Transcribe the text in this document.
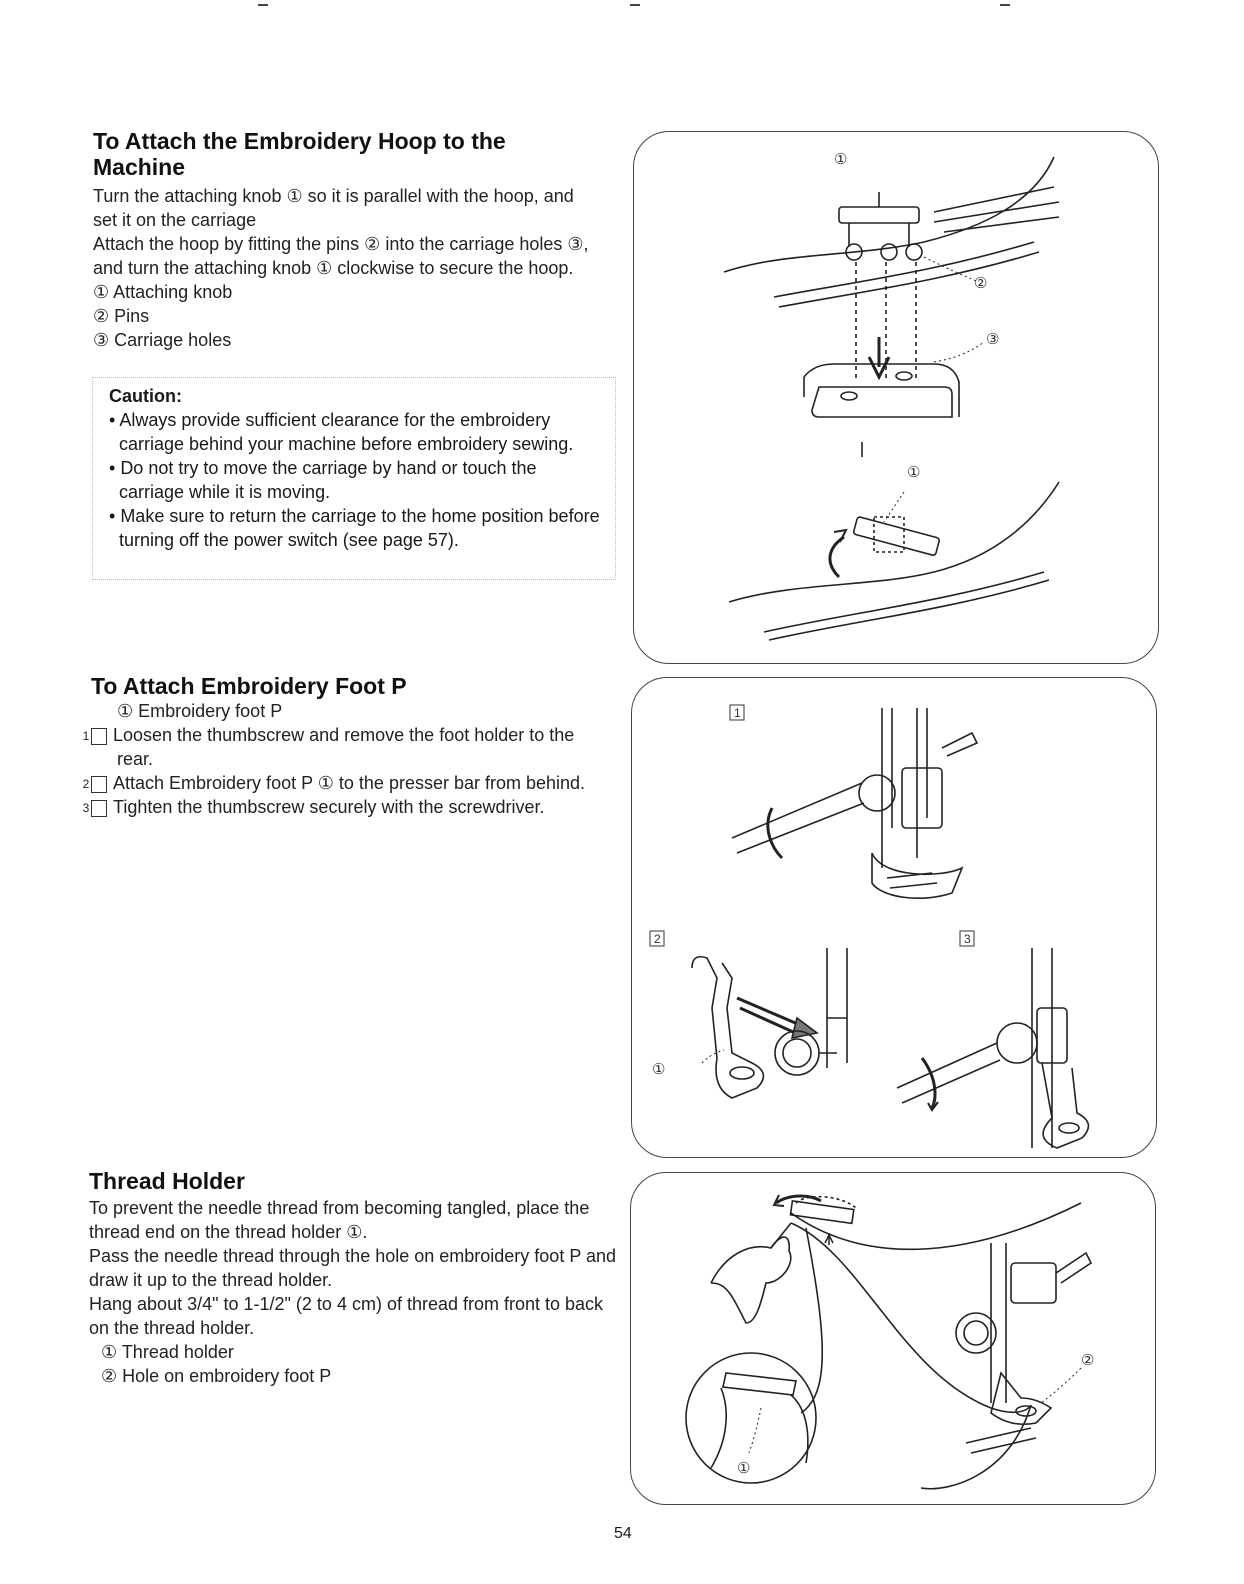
To Attach the Embroidery Hoop to the Machine

Turn the attaching knob ① so it is parallel with the hoop, and set it on the carriage

Attach the hoop by fitting the pins ② into the carriage holes ③, and turn the attaching knob ① clockwise to secure the hoop.

① Attaching knob

② Pins

③ Carriage holes

Caution:

• Always provide sufficient clearance for the embroidery carriage behind your machine before embroidery sewing.

• Do not try to move the carriage by hand or touch the carriage while it is moving.

• Make sure to return the carriage to the home position before turning off the power switch (see page 57).

①
②
③
①
To Attach Embroidery Foot P

① Embroidery foot P

1 Loosen the thumbscrew and remove the foot holder to the rear.

2 Attach Embroidery foot P ① to the presser bar from behind.

3 Tighten the thumbscrew securely with the screwdriver.

1
2	3
①
Thread Holder

To prevent the needle thread from becoming tangled, place the thread end on the thread holder ①.

Pass the needle thread through the hole on embroidery foot P and draw it up to the thread holder.

Hang about 3/4" to 1-1/2" (2 to 4 cm) of thread from front to back on the thread holder.

① Thread holder

② Hole on embroidery foot P

①
②
54
